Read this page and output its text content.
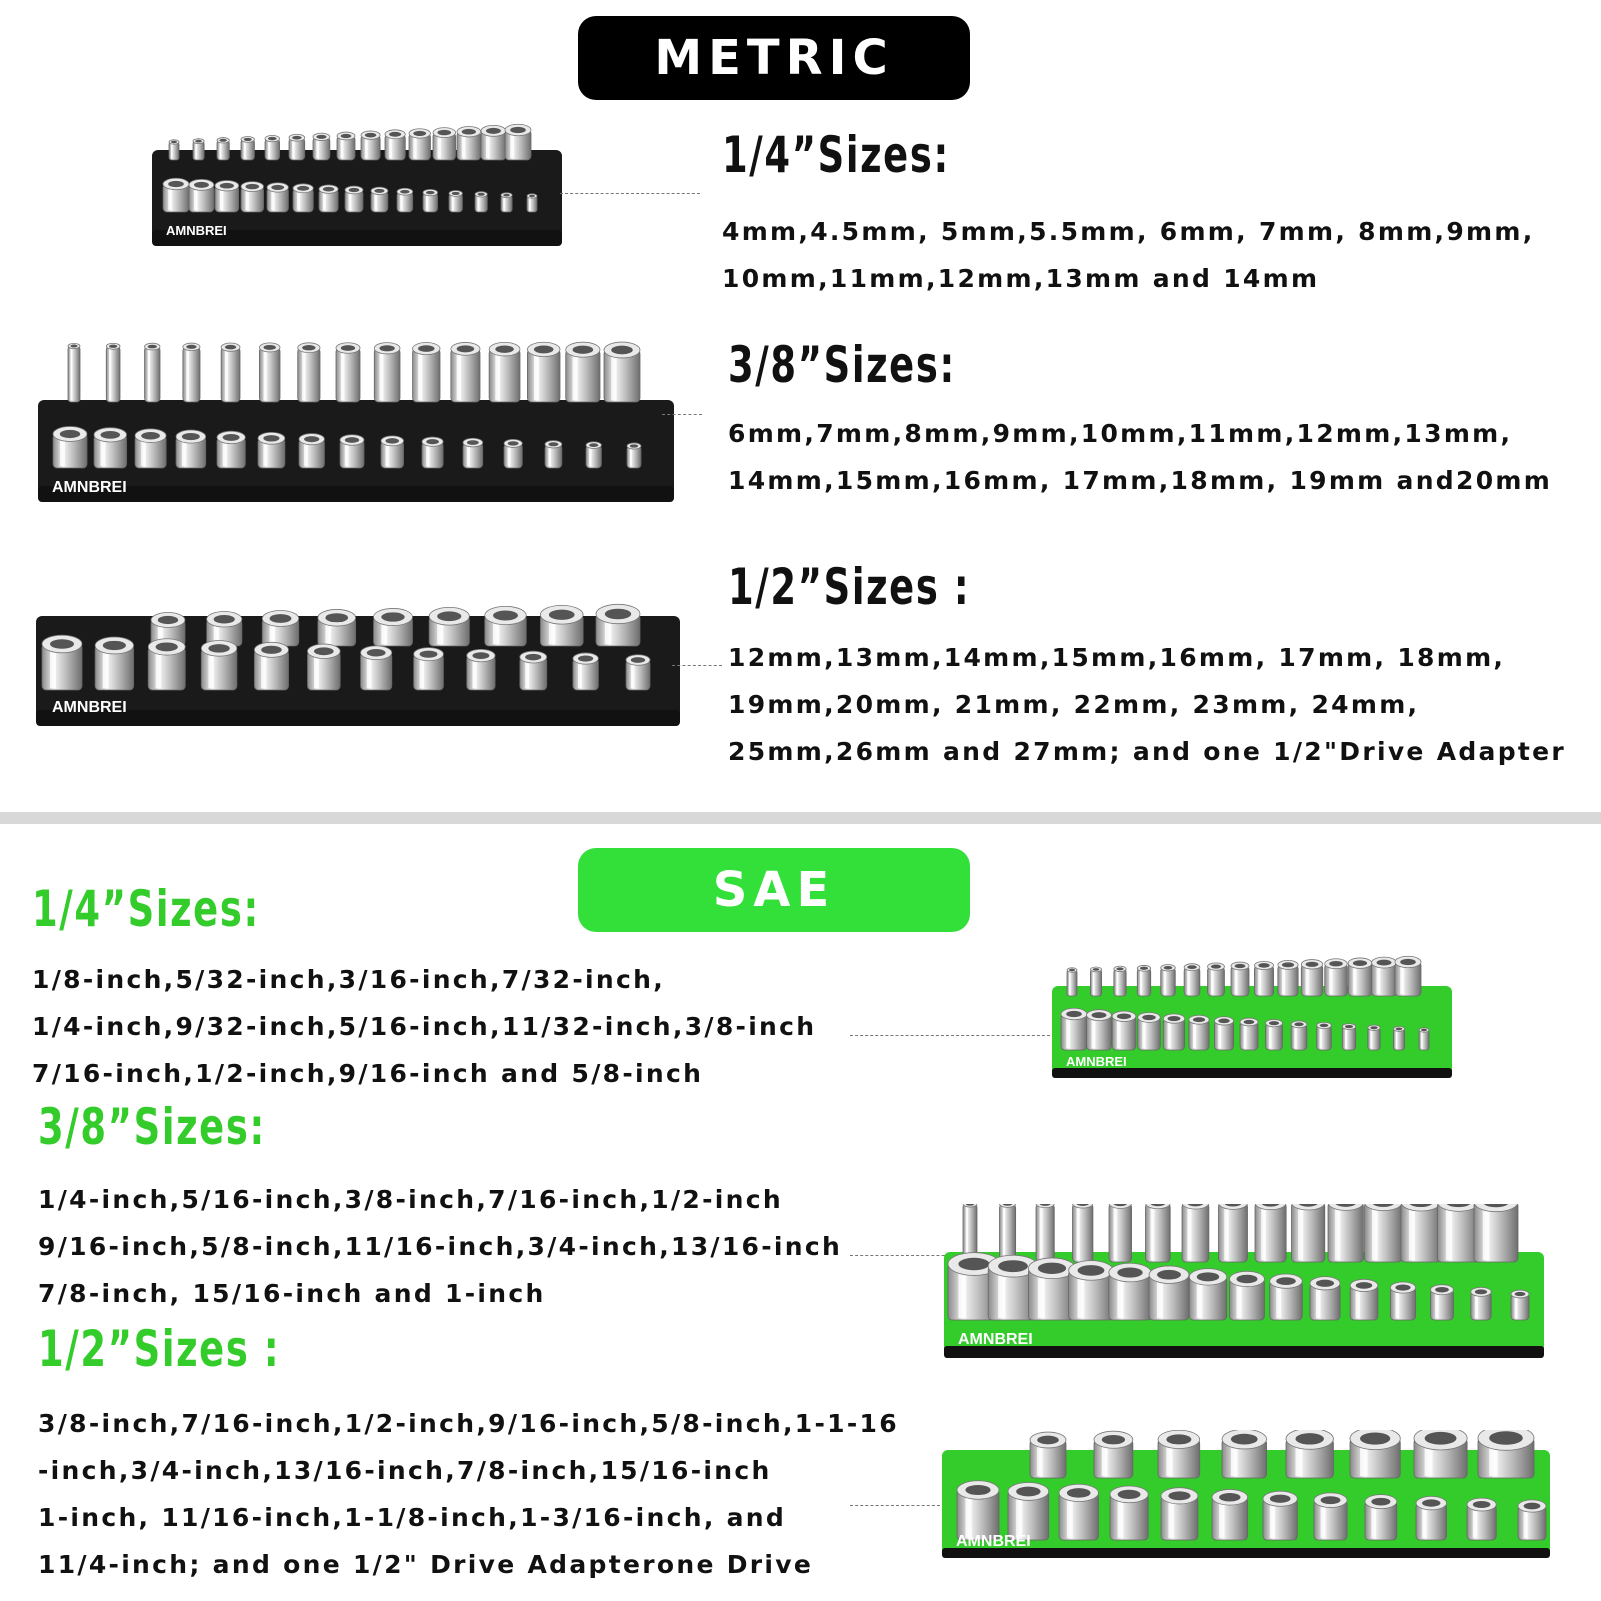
METRIC
AMNBREI
1/4”Sizes:
4mm,4.5mm, 5mm,5.5mm, 6mm, 7mm, 8mm,9mm,
10mm,11mm,12mm,13mm and 14mm
AMNBREI
3/8”Sizes:
6mm,7mm,8mm,9mm,10mm,11mm,12mm,13mm,
14mm,15mm,16mm, 17mm,18mm, 19mm and20mm
AMNBREI
1/2”Sizes :
12mm,13mm,14mm,15mm,16mm, 17mm, 18mm,
19mm,20mm, 21mm, 22mm, 23mm, 24mm,
25mm,26mm and 27mm; and one 1/2"Drive Adapter
SAE
1/4”Sizes:
1/8-inch,5/32-inch,3/16-inch,7/32-inch,
1/4-inch,9/32-inch,5/16-inch,11/32-inch,3/8-inch
7/16-inch,1/2-inch,9/16-inch and 5/8-inch	AMNBREI
3/8”Sizes:
1/4-inch,5/16-inch,3/8-inch,7/16-inch,1/2-inch
9/16-inch,5/8-inch,11/16-inch,3/4-inch,13/16-inch
7/8-inch, 15/16-inch and 1-inch
AMNBREI
1/2”Sizes :
3/8-inch,7/16-inch,1/2-inch,9/16-inch,5/8-inch,1-1-16
-inch,3/4-inch,13/16-inch,7/8-inch,15/16-inch
1-inch, 11/16-inch,1-1/8-inch,1-3/16-inch, and
11/4-inch; and one 1/2" Drive Adapterone Drive
AMNBREI
